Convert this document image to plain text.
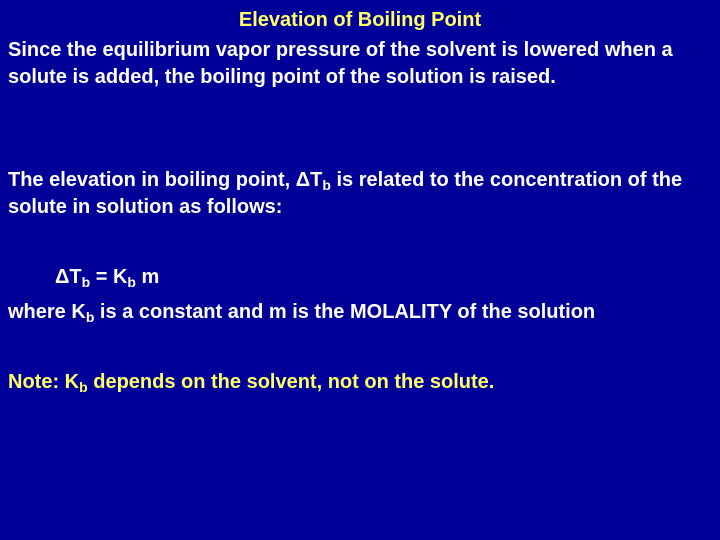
Elevation of Boiling Point

Since the equilibrium vapor pressure of the solvent is lowered when a solute is added, the boiling point of the solution is raised.

The elevation in boiling point, $\Delta T_b$ is related to the concentration of the solute in solution as follows:

$\Delta T_b = K_b$ m

where $K_b$ is a constant and m is the MOLALITY of the solution

Note: $K_b$ depends on the solvent, not on the solute.
